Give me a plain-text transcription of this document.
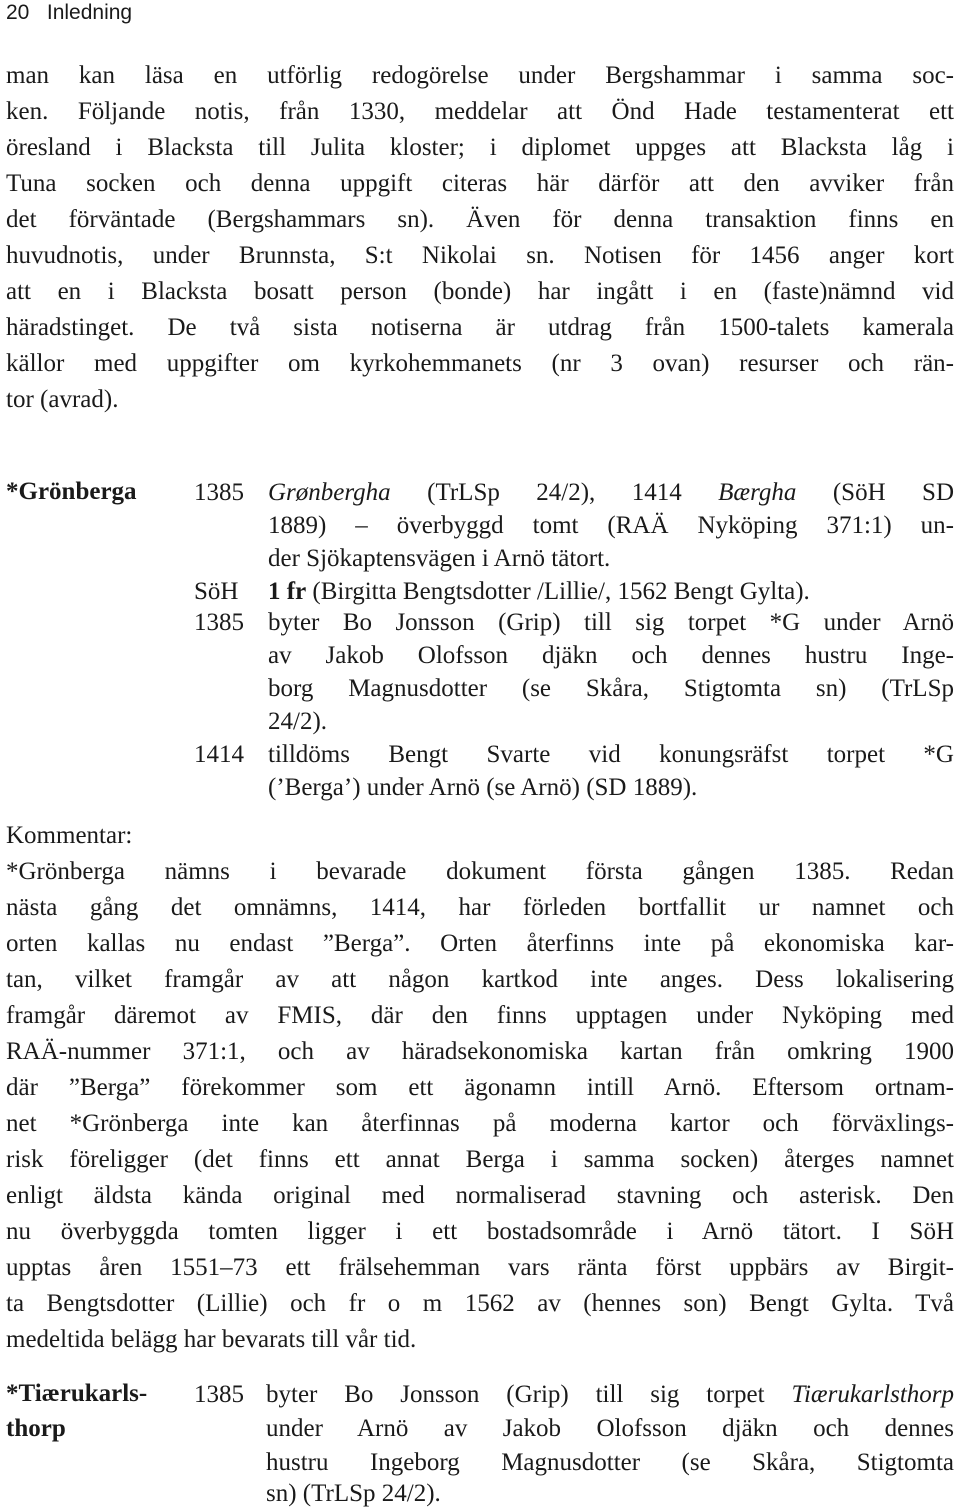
20 Inledning
man kan läsa en utförlig redogörelse under Bergshammar i samma soc-
ken. Följande notis, från 1330, meddelar att Önd Hade testamenterat ett
öresland i Blacksta till Julita kloster; i diplomet uppges att Blacksta låg i
Tuna socken och denna uppgift citeras här därför att den avviker från
det förväntade (Bergshammars sn). Även för denna transaktion finns en
huvudnotis, under Brunnsta, S:t Nikolai sn. Notisen för 1456 anger kort
att en i Blacksta bosatt person (bonde) har ingått i en (faste)nämnd vid
häradstinget. De två sista notiserna är utdrag från 1500-talets kamerala
källor med uppgifter om kyrkohemmanets (nr 3 ovan) resurser och rän-
tor (avrad).
*Grönberga 1385 Grønbergha (TrLSp 24/2), 1414 Bærgha (SöH SD
1889) – överbyggd tomt (RAÄ Nyköping 371:1) un-
der Sjökaptensvägen i Arnö tätort.
SöH	1 fr (Birgitta Bengtsdotter /Lillie/, 1562 Bengt Gylta).
1385 byter Bo Jonsson (Grip) till sig torpet *G under Arnö
av Jakob Olofsson djäkn och dennes hustru Inge-
borg Magnusdotter (se Skåra, Stigtomta sn) (TrLSp
24/2).
1414 tilldöms Bengt Svarte vid konungsräfst torpet *G
(’Berga’) under Arnö (se Arnö) (SD 1889).
Kommentar:
*Grönberga nämns i bevarade dokument första gången 1385. Redan
nästa gång det omnämns, 1414, har förleden bortfallit ur namnet och
orten kallas nu endast ”Berga”. Orten återfinns inte på ekonomiska kar-
tan, vilket framgår av att någon kartkod inte anges. Dess lokalisering
framgår däremot av FMIS, där den finns upptagen under Nyköping med
RAÄ-nummer 371:1, och av häradsekonomiska kartan från omkring 1900
där ”Berga” förekommer som ett ägonamn intill Arnö. Eftersom ortnam-
net *Grönberga inte kan återfinnas på moderna kartor och förväxlings-
risk föreligger (det finns ett annat Berga i samma socken) återges namnet
enligt äldsta kända original med normaliserad stavning och asterisk. Den
nu överbyggda tomten ligger i ett bostadsområde i Arnö tätort. I SöH
upptas åren 1551–73 ett frälsehemman vars ränta först uppbärs av Birgit-
ta Bengtsdotter (Lillie) och fr o m 1562 av (hennes son) Bengt Gylta. Två
medeltida belägg har bevarats till vår tid.
*Tiærukarls-
thorp
1385 byter Bo Jonsson (Grip) till sig torpet Tiærukarlsthorp
under Arnö av Jakob Olofsson djäkn och dennes
hustru Ingeborg Magnusdotter (se Skåra, Stigtomta
sn) (TrLSp 24/2).
